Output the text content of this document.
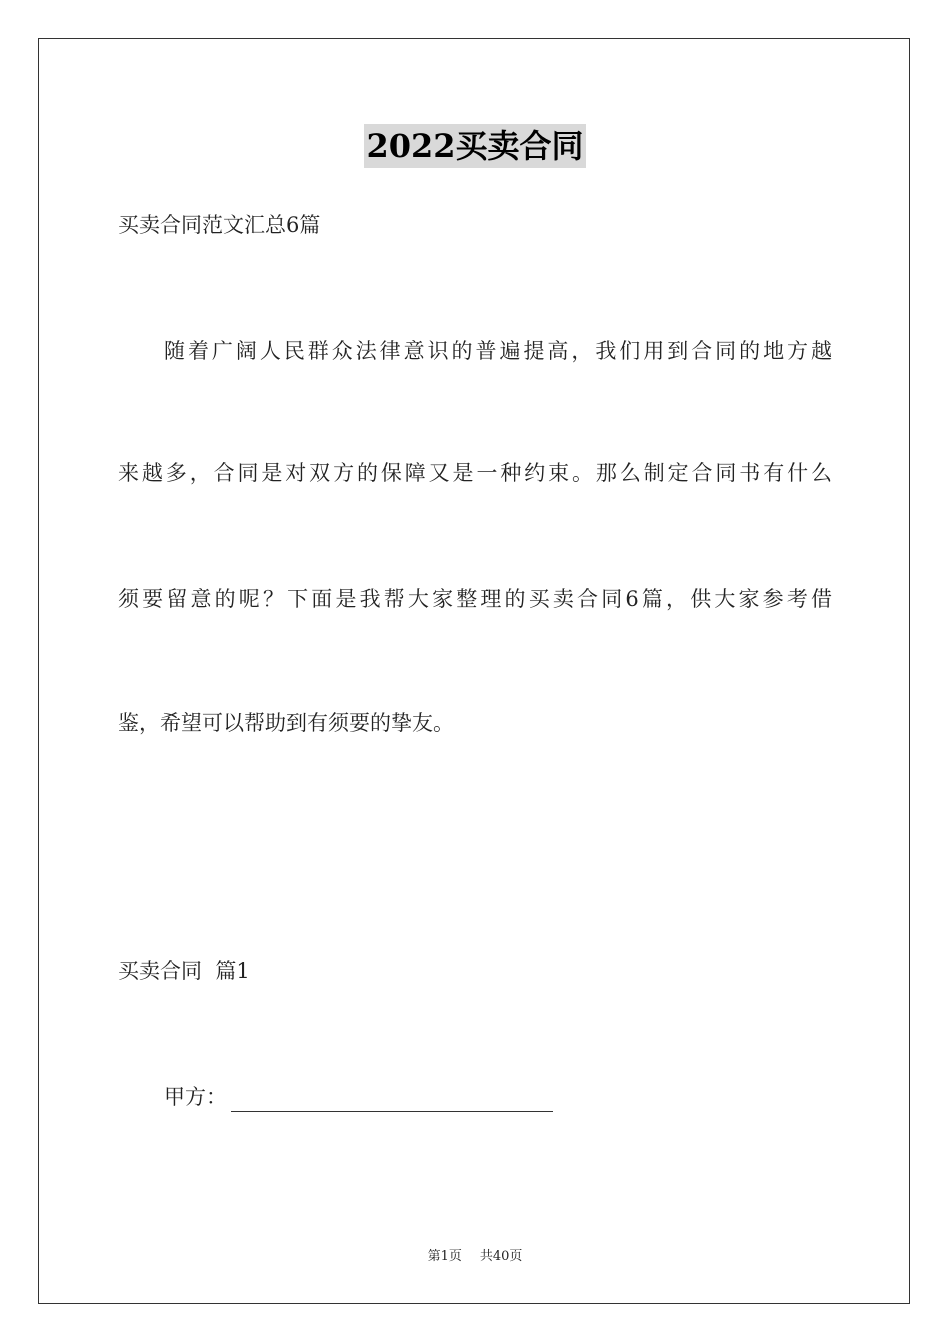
2022买卖合同
买卖合同范文汇总6篇
随着广阔人民群众法律意识的普遍提高，我们用到合同的地方越
来越多，合同是对双方的保障又是一种约束。那么制定合同书有什么
须要留意的呢？下面是我帮大家整理的买卖合同6篇，供大家参考借
鉴，希望可以帮助到有须要的挚友。
买卖合同  篇1
甲方：
第1页 共40页
